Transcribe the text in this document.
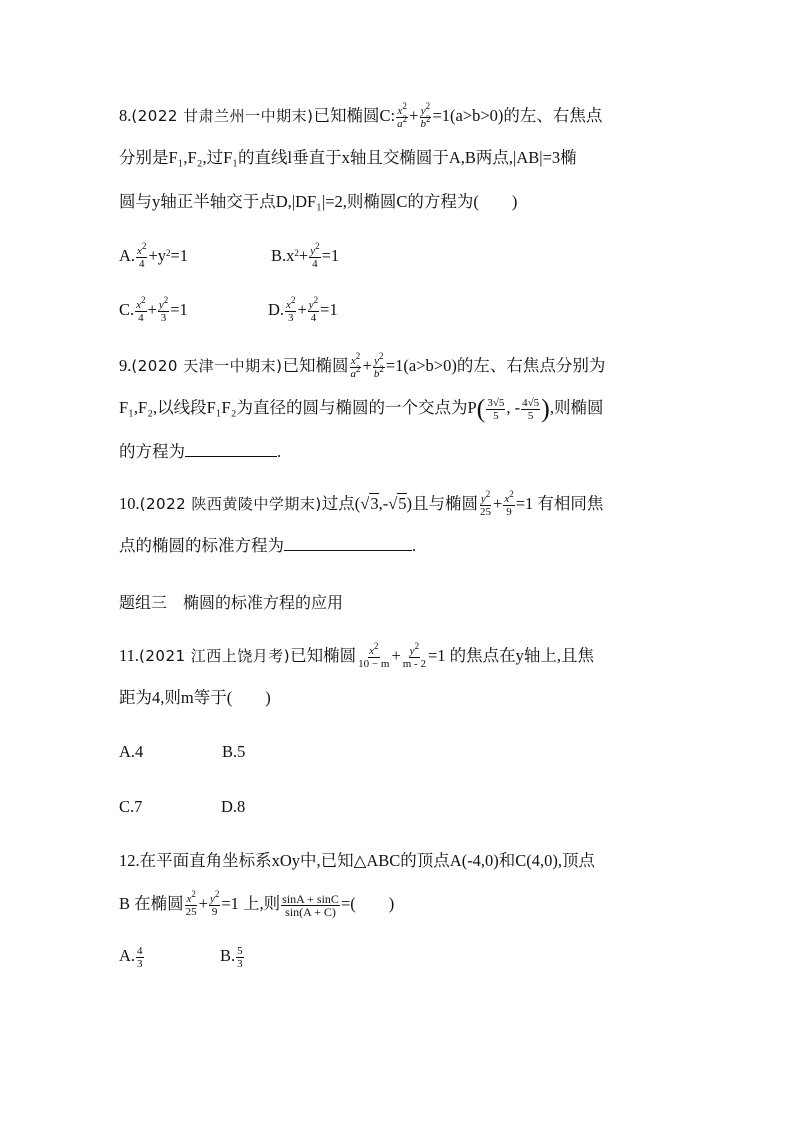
8.(2022 甘肃兰州一中期末)已知椭圆C: $\frac{x^2}{a^2} + \frac{y^2}{b^2} =1(a>b>0)$的左、右焦点
分别是F₁,F₂,过F₁的直线l垂直于x轴且交椭圆于A,B两点,|AB|=3椭
圆与y轴正半轴交于点D,|DF₁|=2,则椭圆C的方程为(　　)
A. $\frac{x^2}{4} +y^2=1$	$B.x^2+ \frac{y^2}{4} =1$
C. $\frac{x^2}{4} + \frac{y^2}{3} =1$	D. $\frac{x^2}{3} + \frac{y^2}{4} =1$
9.(2020 天津一中期末)已知椭圆 $\frac{x^2}{a^2} + \frac{y^2}{b^2} =1(a>b>0)$的左、右焦点分别为
F₁,F₂,以线段F₁F₂为直径的圆与椭圆的一个交点为$P( \frac{3√5}{5}$ , - $\frac{4√5}{5}$ ),则椭圆
的方程为	.
10.(2022 陕西黄陵中学期末)过点(√3,-√5)且与椭圆 $\frac{y^2}{25} + \frac{x^2}{9} =1$ 有相同焦
点的椭圆的标准方程为	.
题组三　椭圆的标准方程的应用
11.(2021 江西上饶月考)已知椭圆 $\frac{x^2}{10 - m} + \frac{y^2}{m - 2} =1$ 的焦点在y轴上,且焦
距为4,则m等于(　　)
A.4	B.5
C.7	D.8
12.在平面直角坐标系xOy中,已知△ABC的顶点A(-4,0)和C(4,0),顶点
B 在椭圆 $\frac{x^2}{25} + \frac{y^2}{9} =1$ 上,则 $\frac{\sin A + \sin C}{\sin(A + C)}$ =(　　)
A. $\frac{4}{3}$	B. $\frac{5}{3}$
